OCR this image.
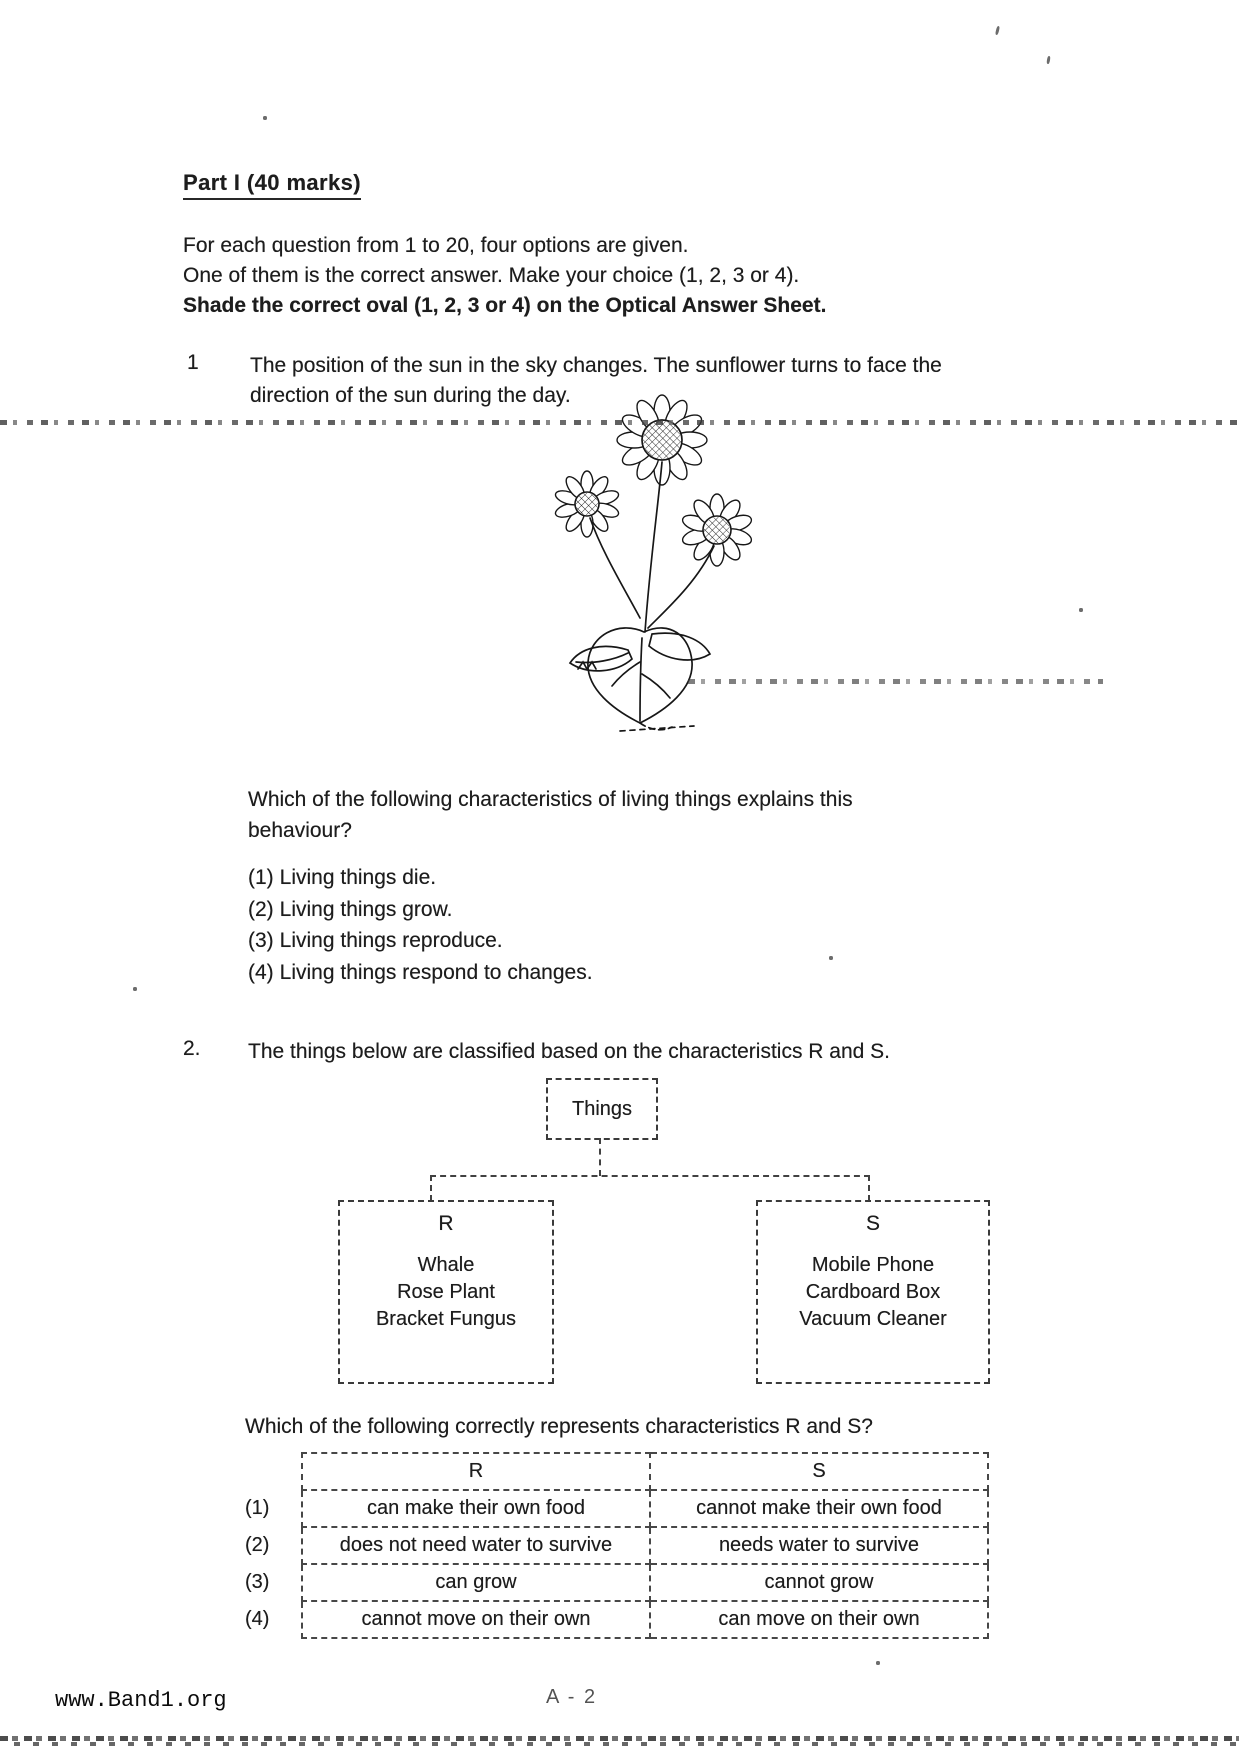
Part I (40 marks)
For each question from 1 to 20, four options are given.
One of them is the correct answer. Make your choice (1, 2, 3 or 4).
Shade the correct oval (1, 2, 3 or 4) on the Optical Answer Sheet.
1 The position of the sun in the sky changes. The sunflower turns to face the direction of the sun during the day.
Which of the following characteristics of living things explains this behaviour?
(1) Living things die.
(2) Living things grow.
(3) Living things reproduce.
(4) Living things respond to changes.
2. The things below are classified based on the characteristics R and S.
Things
R
Whale
Rose Plant
Bracket Fungus
S
Mobile Phone
Cardboard Box
Vacuum Cleaner
Which of the following correctly represents characteristics R and S?
	R	S
(1)	can make their own food	cannot make their own food
(2)	does not need water to survive	needs water to survive
(3)	can grow	cannot grow
(4)	cannot move on their own	can move on their own
www.Band1.org	A - 2
